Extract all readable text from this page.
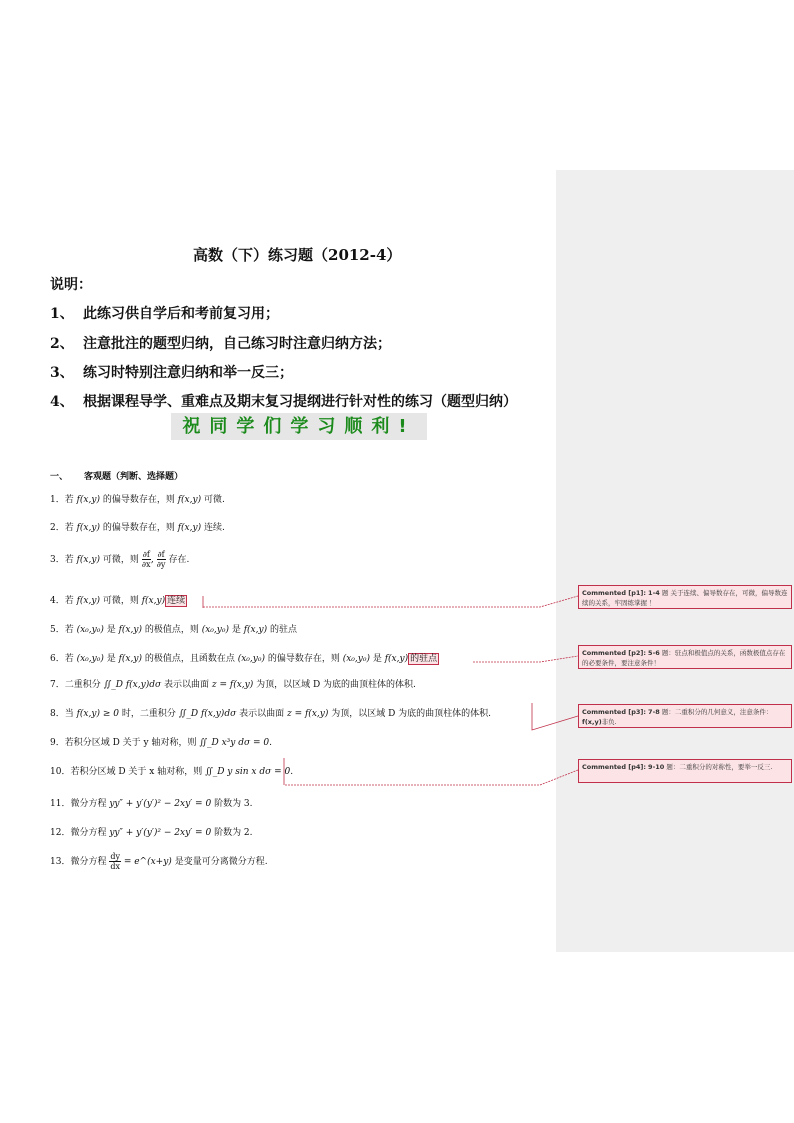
高数（下）练习题（2012-4）
说明：
1、 此练习供自学后和考前复习用；
2、 注意批注的题型归纳，自己练习时注意归纳方法；
3、 练习时特别注意归纳和举一反三；
4、 根据课程导学、重难点及期末复习提纲进行针对性的练习（题型归纳）
祝同学们学习顺利!
一、 客观题（判断、选择题）
1．若 f(x,y) 的偏导数存在，则 f(x,y) 可微.
2．若 f(x,y) 的偏导数存在，则 f(x,y) 连续.
3．若 f(x,y) 可微，则 $\frac{\partial f}{\partial x}$ , $\frac{\partial f}{\partial y}$ 存在.
4．若 f(x,y) 可微，则 f(x,y) 连续
5．若 (x₀,y₀) 是 f(x,y) 的极值点，则 (x₀,y₀) 是 f(x,y) 的驻点
6．若 (x₀,y₀) 是 f(x,y) 的极值点，且函数在点 (x₀,y₀) 的偏导数存在，则 (x₀,y₀) 是 f(x,y) 的驻点
7．二重积分 ∬_D f(x,y)dσ 表示以曲面 z = f(x,y) 为顶，以区域 D 为底的曲顶柱体的体积.
8．当 f(x,y) ≥ 0 时，二重积分 ∬_D f(x,y)dσ 表示以曲面 z = f(x,y) 为顶，以区域 D 为底的曲顶柱体的体积.
9．若积分区域 D 关于 y 轴对称，则 ∬_D x³y dσ = 0.
10．若积分区域 D 关于 x 轴对称，则 ∬_D y sin x dσ = 0.
11．微分方程 yy″ + y′(y′)² − 2xy′ = 0 阶数为 3.
12．微分方程 yy″ + y′(y′)² − 2xy′ = 0 阶数为 2.
13．微分方程 $\frac{dy}{dx}$ = e^(x+y) 是变量可分离微分方程.
Commented [p1]: 1-4 题 关于连续、偏导数存在，可微，偏导数连续的关系，牢固练掌握 ！
Commented [p2]: 5-6 题：驻点和极值点的关系，函数极值点存在的必要条件，要注意条件！
Commented [p3]: 7-8 题：二重积分的几何意义，注意条件： f(x,y)非负.
Commented [p4]: 9-10 题：二重积分的对称性，要举一反三.
